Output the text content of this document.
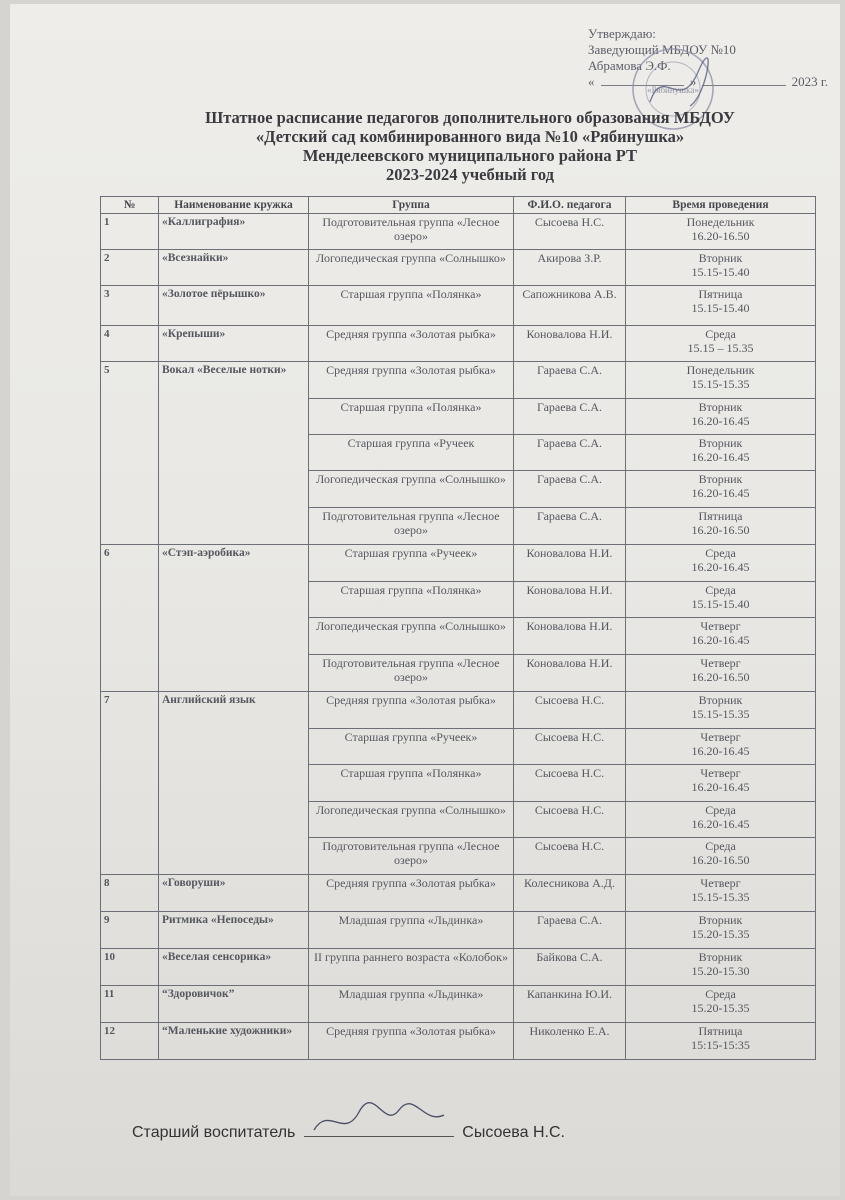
Утверждаю:
Заведующий МБДОУ №10
Абрамова Э.Ф.
«	»	2023 г.
«Рябинушка»
Штатное расписание педагогов дополнительного образования МБДОУ
«Детский сад комбинированного вида №10 «Рябинушка»
Менделеевского муниципального района РТ
2023-2024 учебный год
№	Наименование кружка	Группа	Ф.И.О. педагога	Время проведения
1	«Каллиграфия»	Подготовительная группа «Лесное озеро»	Сысоева Н.С.	Понедельник
16.20-16.50

2	«Всезнайки»	Логопедическая группа «Солнышко»	Акирова З.Р.	Вторник
15.15-15.40

3	«Золотое пёрышко»	Старшая группа «Полянка»	Сапожникова А.В.	Пятница
15.15-15.40

4	«Крепыши»	Средняя группа «Золотая рыбка»	Коновалова Н.И.	Среда
15.15 – 15.35

5	Вокал «Веселые нотки»	Средняя группа «Золотая рыбка»	Гараева С.А.	Понедельник
15.15-15.35

		Старшая группа «Полянка»	Гараева С.А.	Вторник
16.20-16.45

		Старшая группа «Ручеек	Гараева С.А.	Вторник
16.20-16.45

		Логопедическая группа «Солнышко»	Гараева С.А.	Вторник
16.20-16.45

		Подготовительная группа «Лесное озеро»	Гараева С.А.	Пятница
16.20-16.50

6	«Стэп-аэробика»	Старшая группа «Ручеек»	Коновалова Н.И.	Среда
16.20-16.45

		Старшая группа «Полянка»	Коновалова Н.И.	Среда
15.15-15.40

		Логопедическая группа «Солнышко»	Коновалова Н.И.	Четверг
16.20-16.45

		Подготовительная группа «Лесное озеро»	Коновалова Н.И.	Четверг
16.20-16.50

7	Английский язык	Средняя группа «Золотая рыбка»	Сысоева Н.С.	Вторник
15.15-15.35

		Старшая группа «Ручеек»	Сысоева Н.С.	Четверг
16.20-16.45

		Старшая группа «Полянка»	Сысоева Н.С.	Четверг
16.20-16.45

		Логопедическая группа «Солнышко»	Сысоева Н.С.	Среда
16.20-16.45

		Подготовительная группа «Лесное озеро»	Сысоева Н.С.	Среда
16.20-16.50

8	«Говоруши»	Средняя группа «Золотая рыбка»	Колесникова А.Д.	Четверг
15.15-15.35

9	Ритмика «Непоседы»	Младшая группа «Льдинка»	Гараева С.А.	Вторник
15.20-15.35

10	«Веселая сенсорика»	II группа раннего возраста «Колобок»	Байкова С.А.	Вторник
15.20-15.30

11	“Здоровичок”	Младшая группа «Льдинка»	Капанкина Ю.И.	Среда
15.20-15.35

12	“Маленькие художники»	Средняя группа «Золотая рыбка»	Николенко Е.А.	Пятница
15:15-15:35
Старший воспитатель	Сысоева Н.С.
